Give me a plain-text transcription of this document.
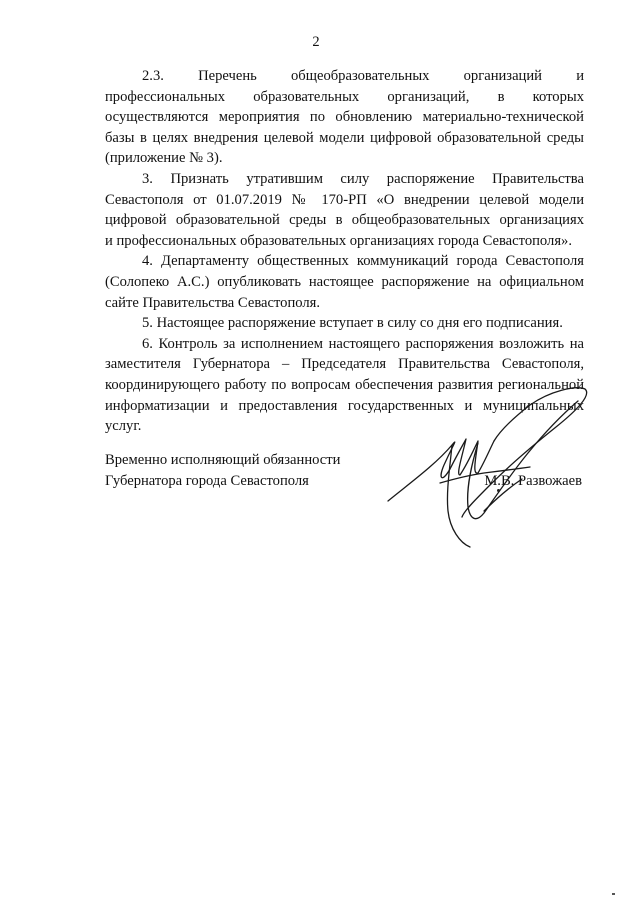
2

2.3. Перечень общеобразовательных организаций и профессиональных образовательных организаций, в которых осуществляются мероприятия по обновлению материально-технической базы в целях внедрения целевой модели цифровой образовательной среды (приложение № 3).

3. Признать утратившим силу распоряжение Правительства Севастополя от 01.07.2019 № 170-РП «О внедрении целевой модели цифровой образовательной среды в общеобразовательных организациях
и профессиональных образовательных организациях города Севастополя».

4. Департаменту общественных коммуникаций города Севастополя (Солопеко А.С.) опубликовать настоящее распоряжение на официальном сайте Правительства Севастополя.

5. Настоящее распоряжение вступает в силу со дня его подписания.

6. Контроль за исполнением настоящего распоряжения возложить на заместителя Губернатора – Председателя Правительства Севастополя, координирующего работу по вопросам обеспечения развития региональной информатизации и предоставления государственных и муниципальных услуг.

Временно исполняющий обязанности
Губернатора города Севастополя	М.В. Развожаев
